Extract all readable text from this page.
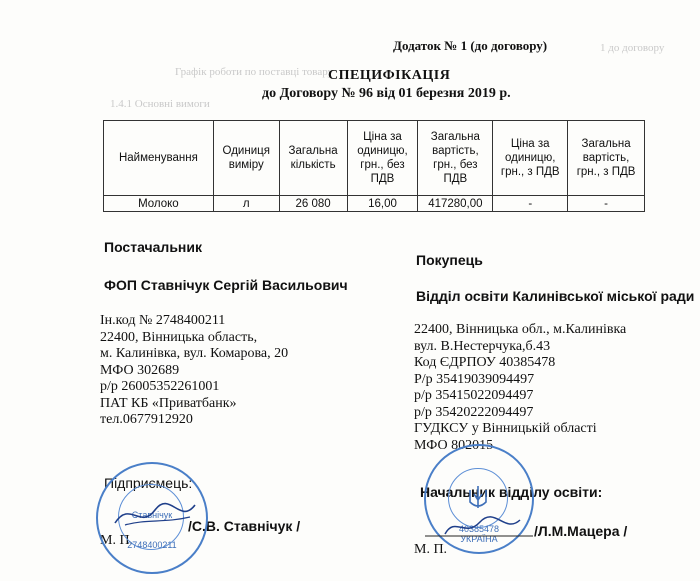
Графік роботи по поставці товару
1.4.1 Основні вимоги
1 до договору
Додаток № 1 (до договору)
СПЕЦИФІКАЦІЯ
до Договору № 96 від 01 березня 2019 р.
Найменування	Одиниця виміру	Загальна кількість	Ціна за одиницю, грн., без ПДВ	Загальна вартість, грн., без ПДВ	Ціна за одиницю, грн., з ПДВ	Загальна вартість, грн., з ПДВ
Молоко	л	26 080	16,00	417280,00	-	-
Постачальник
ФОП Ставнічук Сергій Васильович
Ін.код № 2748400211
22400, Вінницька область,
м. Калинівка, вул. Комарова, 20
МФО 302689
р/р 26005352261001
ПАТ КБ «Приватбанк»
тел.0677912920
Підприємець:
/С.В. Ставнічук /
М. П.
Покупець
Відділ освіти Калинівської міської ради
22400, Вінницька обл., м.Калинівка
вул. В.Нестерчука,б.43
Код ЄДРПОУ 40385478
Р/р 35419039094497
р/р 35415022094497
р/р 35420222094497
ГУДКСУ у Вінницькій області
МФО 802015
Начальник відділу освіти:
/Л.М.Мацера /
М. П.
Ставнічук
2748400211
40385478
УКРАЇНА
